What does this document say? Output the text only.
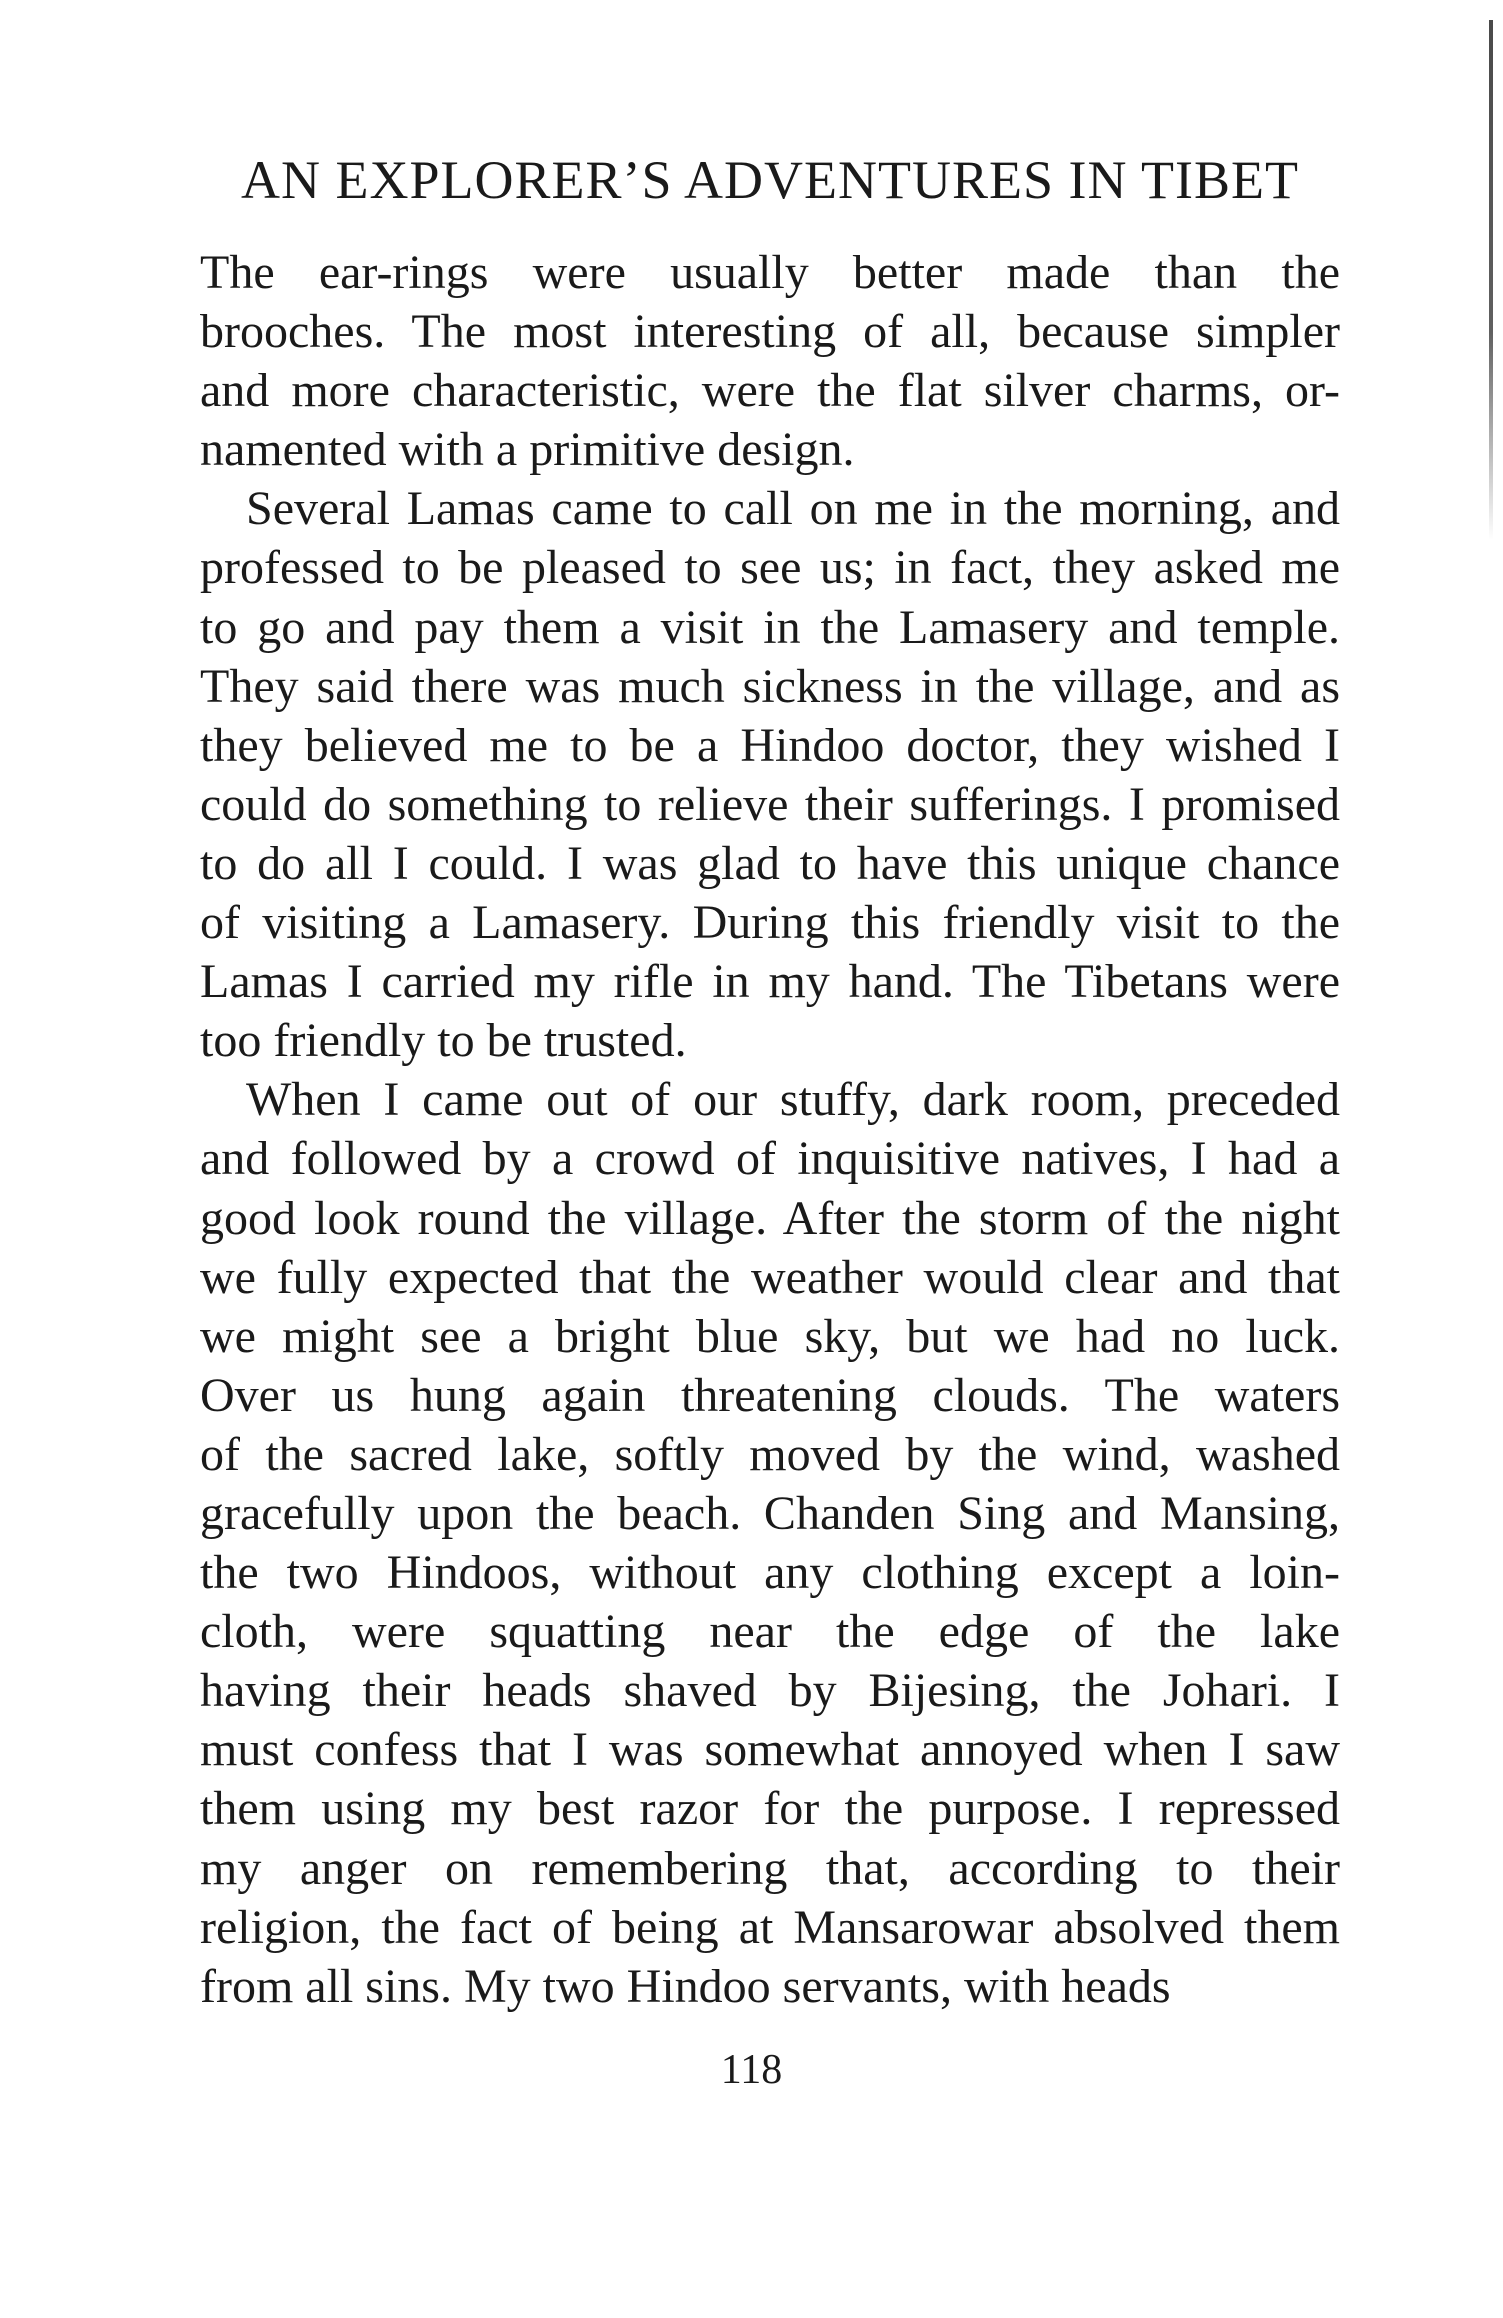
AN EXPLORER’S ADVENTURES IN TIBET
The ear-rings were usually better made than the
brooches. The most interesting of all, because simpler
and more characteristic, were the flat silver charms, or-
namented with a primitive design.
Several Lamas came to call on me in the morning, and
professed to be pleased to see us; in fact, they asked me
to go and pay them a visit in the Lamasery and temple.
They said there was much sickness in the village, and as
they believed me to be a Hindoo doctor, they wished I
could do something to relieve their sufferings. I promised
to do all I could. I was glad to have this unique chance
of visiting a Lamasery. During this friendly visit to the
Lamas I carried my rifle in my hand. The Tibetans were
too friendly to be trusted.
When I came out of our stuffy, dark room, preceded
and followed by a crowd of inquisitive natives, I had a
good look round the village. After the storm of the night
we fully expected that the weather would clear and that
we might see a bright blue sky, but we had no luck.
Over us hung again threatening clouds. The waters
of the sacred lake, softly moved by the wind, washed
gracefully upon the beach. Chanden Sing and Mansing,
the two Hindoos, without any clothing except a loin-
cloth, were squatting near the edge of the lake
having their heads shaved by Bijesing, the Johari. I
must confess that I was somewhat annoyed when I saw
them using my best razor for the purpose. I repressed
my anger on remembering that, according to their
religion, the fact of being at Mansarowar absolved them
from all sins. My two Hindoo servants, with heads
118
